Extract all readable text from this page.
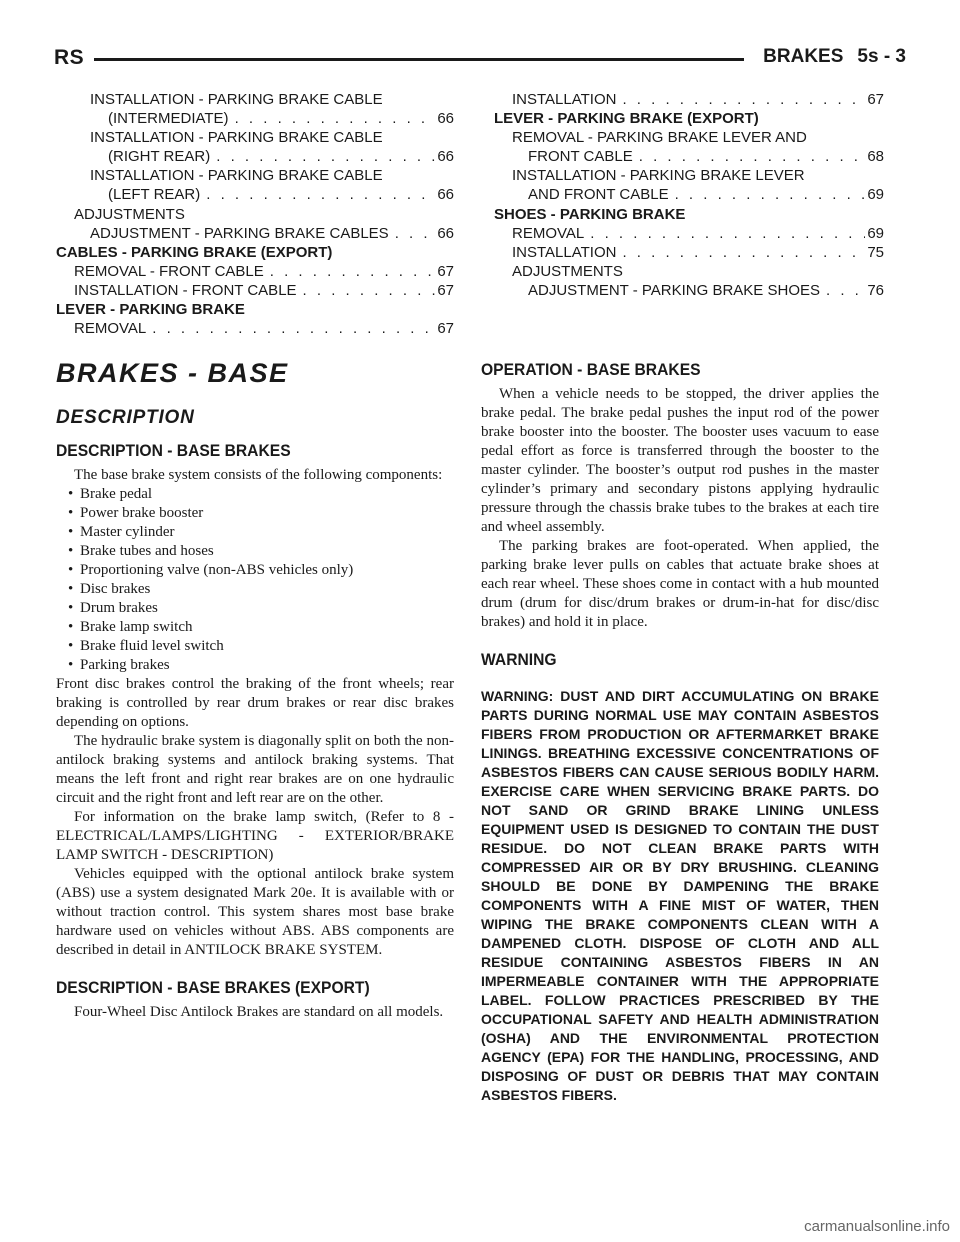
RS	BRAKES 5s - 3
INSTALLATION - PARKING BRAKE CABLE
(INTERMEDIATE) . . .	66
INSTALLATION - PARKING BRAKE CABLE
(RIGHT REAR) . . .	66
INSTALLATION - PARKING BRAKE CABLE
(LEFT REAR) . . .	66
ADJUSTMENTS
ADJUSTMENT - PARKING BRAKE CABLES . . .	66
CABLES - PARKING BRAKE (EXPORT)
REMOVAL - FRONT CABLE . . .	67
INSTALLATION - FRONT CABLE . . .	67
LEVER - PARKING BRAKE
REMOVAL . . .	67
INSTALLATION . . .	67
LEVER - PARKING BRAKE (EXPORT)
REMOVAL - PARKING BRAKE LEVER AND
FRONT CABLE . . .	68
INSTALLATION - PARKING BRAKE LEVER
AND FRONT CABLE . . .	69
SHOES - PARKING BRAKE
REMOVAL . . .	69
INSTALLATION . . .	75
ADJUSTMENTS
ADJUSTMENT - PARKING BRAKE SHOES . . .	76
BRAKES - BASE
DESCRIPTION
DESCRIPTION - BASE BRAKES

The base brake system consists of the following components:

• Brake pedal
• Power brake booster
• Master cylinder
• Brake tubes and hoses
• Proportioning valve (non-ABS vehicles only)
• Disc brakes
• Drum brakes
• Brake lamp switch
• Brake fluid level switch
• Parking brakes

Front disc brakes control the braking of the front wheels; rear braking is controlled by rear drum brakes or rear disc brakes depending on options.

The hydraulic brake system is diagonally split on both the non-antilock braking systems and antilock braking systems. That means the left front and right rear brakes are on one hydraulic circuit and the right front and left rear are on the other.

For information on the brake lamp switch, (Refer to 8 - ELECTRICAL/LAMPS/LIGHTING - EXTERIOR/BRAKE LAMP SWITCH - DESCRIPTION)

Vehicles equipped with the optional antilock brake system (ABS) use a system designated Mark 20e. It is available with or without traction control. This system shares most base brake hardware used on vehicles without ABS. ABS components are described in detail in ANTILOCK BRAKE SYSTEM.

DESCRIPTION - BASE BRAKES (EXPORT)

Four-Wheel Disc Antilock Brakes are standard on all models.

OPERATION - BASE BRAKES

When a vehicle needs to be stopped, the driver applies the brake pedal. The brake pedal pushes the input rod of the power brake booster into the booster. The booster uses vacuum to ease pedal effort as force is transferred through the booster to the master cylinder. The booster’s output rod pushes in the master cylinder’s primary and secondary pistons applying hydraulic pressure through the chassis brake tubes to the brakes at each tire and wheel assembly.

The parking brakes are foot-operated. When applied, the parking brake lever pulls on cables that actuate brake shoes at each rear wheel. These shoes come in contact with a hub mounted drum (drum for disc/drum brakes or drum-in-hat for disc/disc brakes) and hold it in place.

WARNING

WARNING: DUST AND DIRT ACCUMULATING ON BRAKE PARTS DURING NORMAL USE MAY CONTAIN ASBESTOS FIBERS FROM PRODUCTION OR AFTERMARKET BRAKE LININGS. BREATHING EXCESSIVE CONCENTRATIONS OF ASBESTOS FIBERS CAN CAUSE SERIOUS BODILY HARM. EXERCISE CARE WHEN SERVICING BRAKE PARTS. DO NOT SAND OR GRIND BRAKE LINING UNLESS EQUIPMENT USED IS DESIGNED TO CONTAIN THE DUST RESIDUE. DO NOT CLEAN BRAKE PARTS WITH COMPRESSED AIR OR BY DRY BRUSHING. CLEANING SHOULD BE DONE BY DAMPENING THE BRAKE COMPONENTS WITH A FINE MIST OF WATER, THEN WIPING THE BRAKE COMPONENTS CLEAN WITH A DAMPENED CLOTH. DISPOSE OF CLOTH AND ALL RESIDUE CONTAINING ASBESTOS FIBERS IN AN IMPERMEABLE CONTAINER WITH THE APPROPRIATE LABEL. FOLLOW PRACTICES PRESCRIBED BY THE OCCUPATIONAL SAFETY AND HEALTH ADMINISTRATION (OSHA) AND THE ENVIRONMENTAL PROTECTION AGENCY (EPA) FOR THE HANDLING, PROCESSING, AND DISPOSING OF DUST OR DEBRIS THAT MAY CONTAIN ASBESTOS FIBERS.

carmanualsonline.info
